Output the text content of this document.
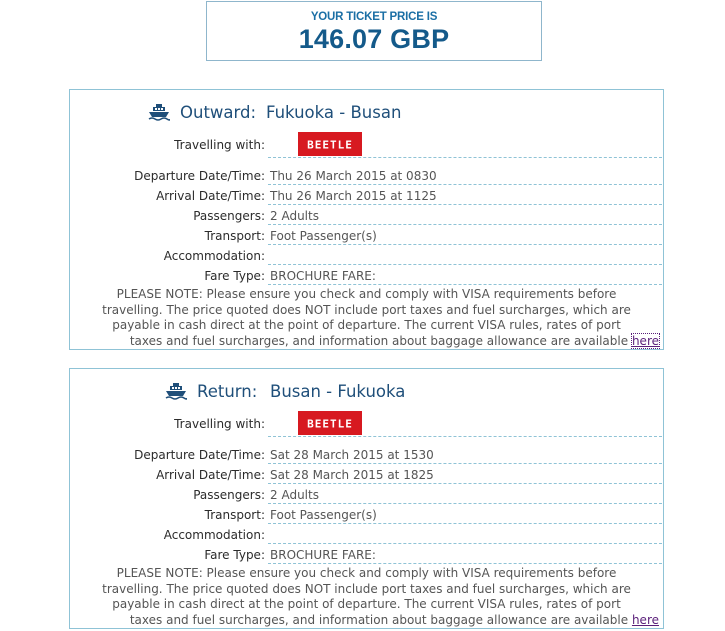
YOUR TICKET PRICE IS
146.07 GBP
Outward: Fukuoka - Busan
Travelling with:	BEETLE
Departure Date/Time: Thu 26 March 2015 at 0830
Arrival Date/Time: Thu 26 March 2015 at 1125
Passengers: 2 Adults
Transport: Foot Passenger(s)
Accommodation:
Fare Type: BROCHURE FARE:
PLEASE NOTE: Please ensure you check and comply with VISA requirements before
travelling. The price quoted does NOT include port taxes and fuel surcharges, which are
payable in cash direct at the point of departure. The current VISA rules, rates of port
taxes and fuel surcharges, and information about baggage allowance are available here
Return: Busan - Fukuoka
Travelling with:	BEETLE
Departure Date/Time: Sat 28 March 2015 at 1530
Arrival Date/Time: Sat 28 March 2015 at 1825
Passengers: 2 Adults
Transport: Foot Passenger(s)
Accommodation:
Fare Type: BROCHURE FARE:
PLEASE NOTE: Please ensure you check and comply with VISA requirements before
travelling. The price quoted does NOT include port taxes and fuel surcharges, which are
payable in cash direct at the point of departure. The current VISA rules, rates of port
taxes and fuel surcharges, and information about baggage allowance are available here
